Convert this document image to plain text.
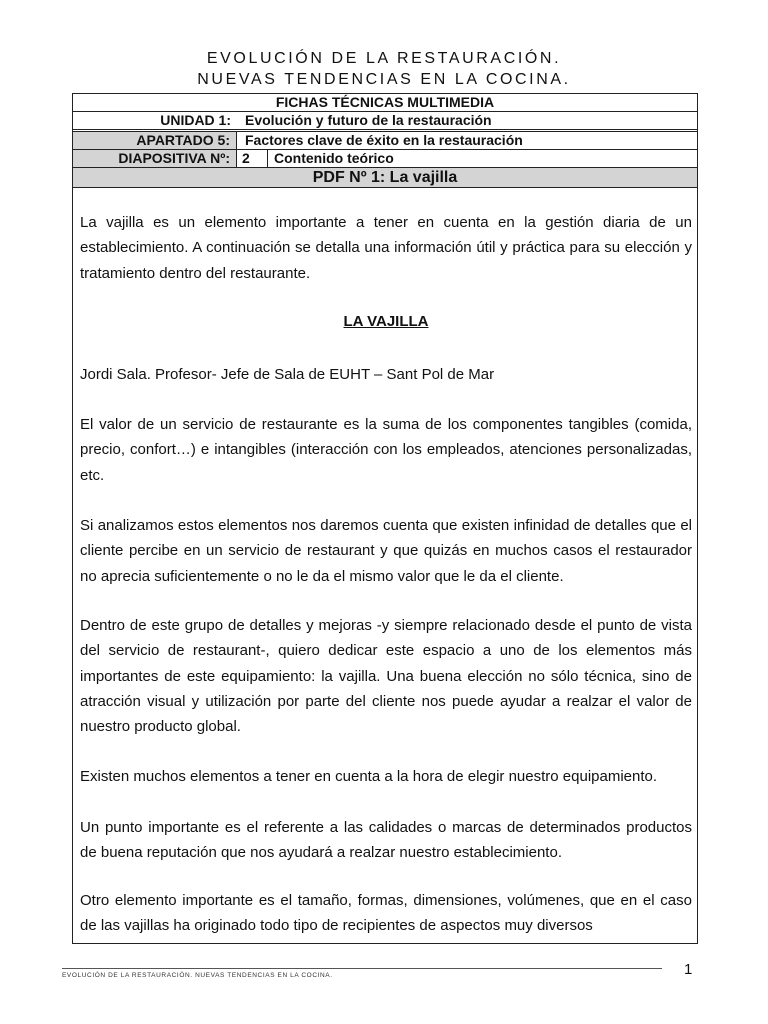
EVOLUCIÓN DE LA RESTAURACIÓN.
NUEVAS TENDENCIAS EN LA COCINA.
FICHAS TÉCNICAS MULTIMEDIA
UNIDAD 1: Evolución y futuro de la restauración
APARTADO 5:	Factores clave de éxito en la restauración
DIAPOSITIVA Nº: 2	Contenido teórico
PDF Nº 1: La vajilla
La vajilla es un elemento importante a tener en cuenta en la gestión diaria de un establecimiento. A continuación se detalla una información útil y práctica para su elección y tratamiento dentro del restaurante.
LA VAJILLA
Jordi Sala. Profesor- Jefe de Sala de EUHT – Sant Pol de Mar
El valor de un servicio de restaurante es la suma de los componentes tangibles (comida, precio, confort…) e intangibles (interacción con los empleados, atenciones personalizadas, etc.
Si analizamos estos elementos nos daremos cuenta que existen infinidad de detalles que el cliente percibe en un servicio de restaurant y que quizás en muchos casos el restaurador no aprecia suficientemente o no le da el mismo valor que le da el cliente.
Dentro de este grupo de detalles y mejoras -y siempre relacionado desde el punto de vista del servicio de restaurant-, quiero dedicar este espacio a uno de los elementos más importantes de este equipamiento: la vajilla. Una buena elección no sólo técnica, sino de atracción visual y utilización por parte del cliente nos puede ayudar a realzar el valor de nuestro producto global.
Existen muchos elementos a tener en cuenta a la hora de elegir nuestro equipamiento.
Un punto importante es el referente a las calidades o marcas de determinados productos de buena reputación que nos ayudará a realzar nuestro establecimiento.
Otro elemento importante es el tamaño, formas, dimensiones, volúmenes, que en el caso de las vajillas ha originado todo tipo de recipientes de aspectos muy diversos
EVOLUCIÓN DE LA RESTAURACIÓN. NUEVAS TENDENCIAS EN LA COCINA.	1
